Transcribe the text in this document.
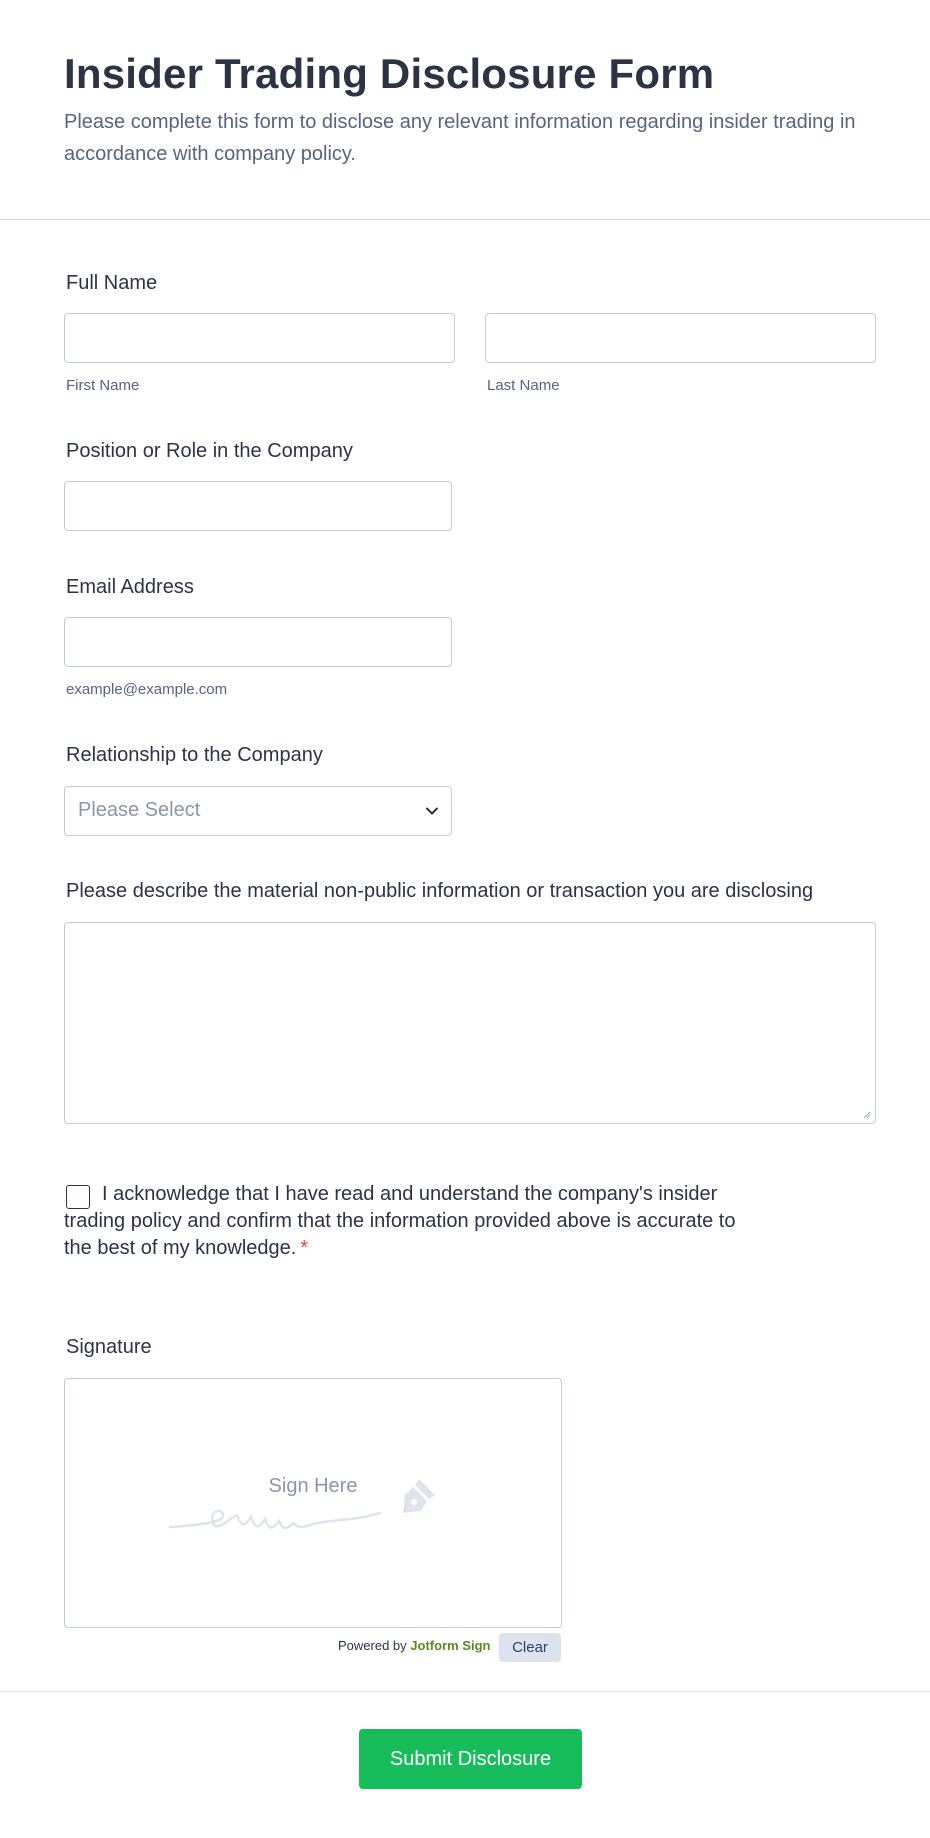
Insider Trading Disclosure Form

Please complete this form to disclose any relevant information regarding insider trading in accordance with company policy.

Full Name
First Name	Last Name
Position or Role in the Company
Email Address
example@example.com
Relationship to the Company
Please Select
Please describe the material non-public information or transaction you are disclosing
I acknowledge that I have read and understand the company's insider trading policy and confirm that the information provided above is accurate to the best of my knowledge. *
Signature
Sign Here
Powered by Jotform Sign	Clear
Submit Disclosure
